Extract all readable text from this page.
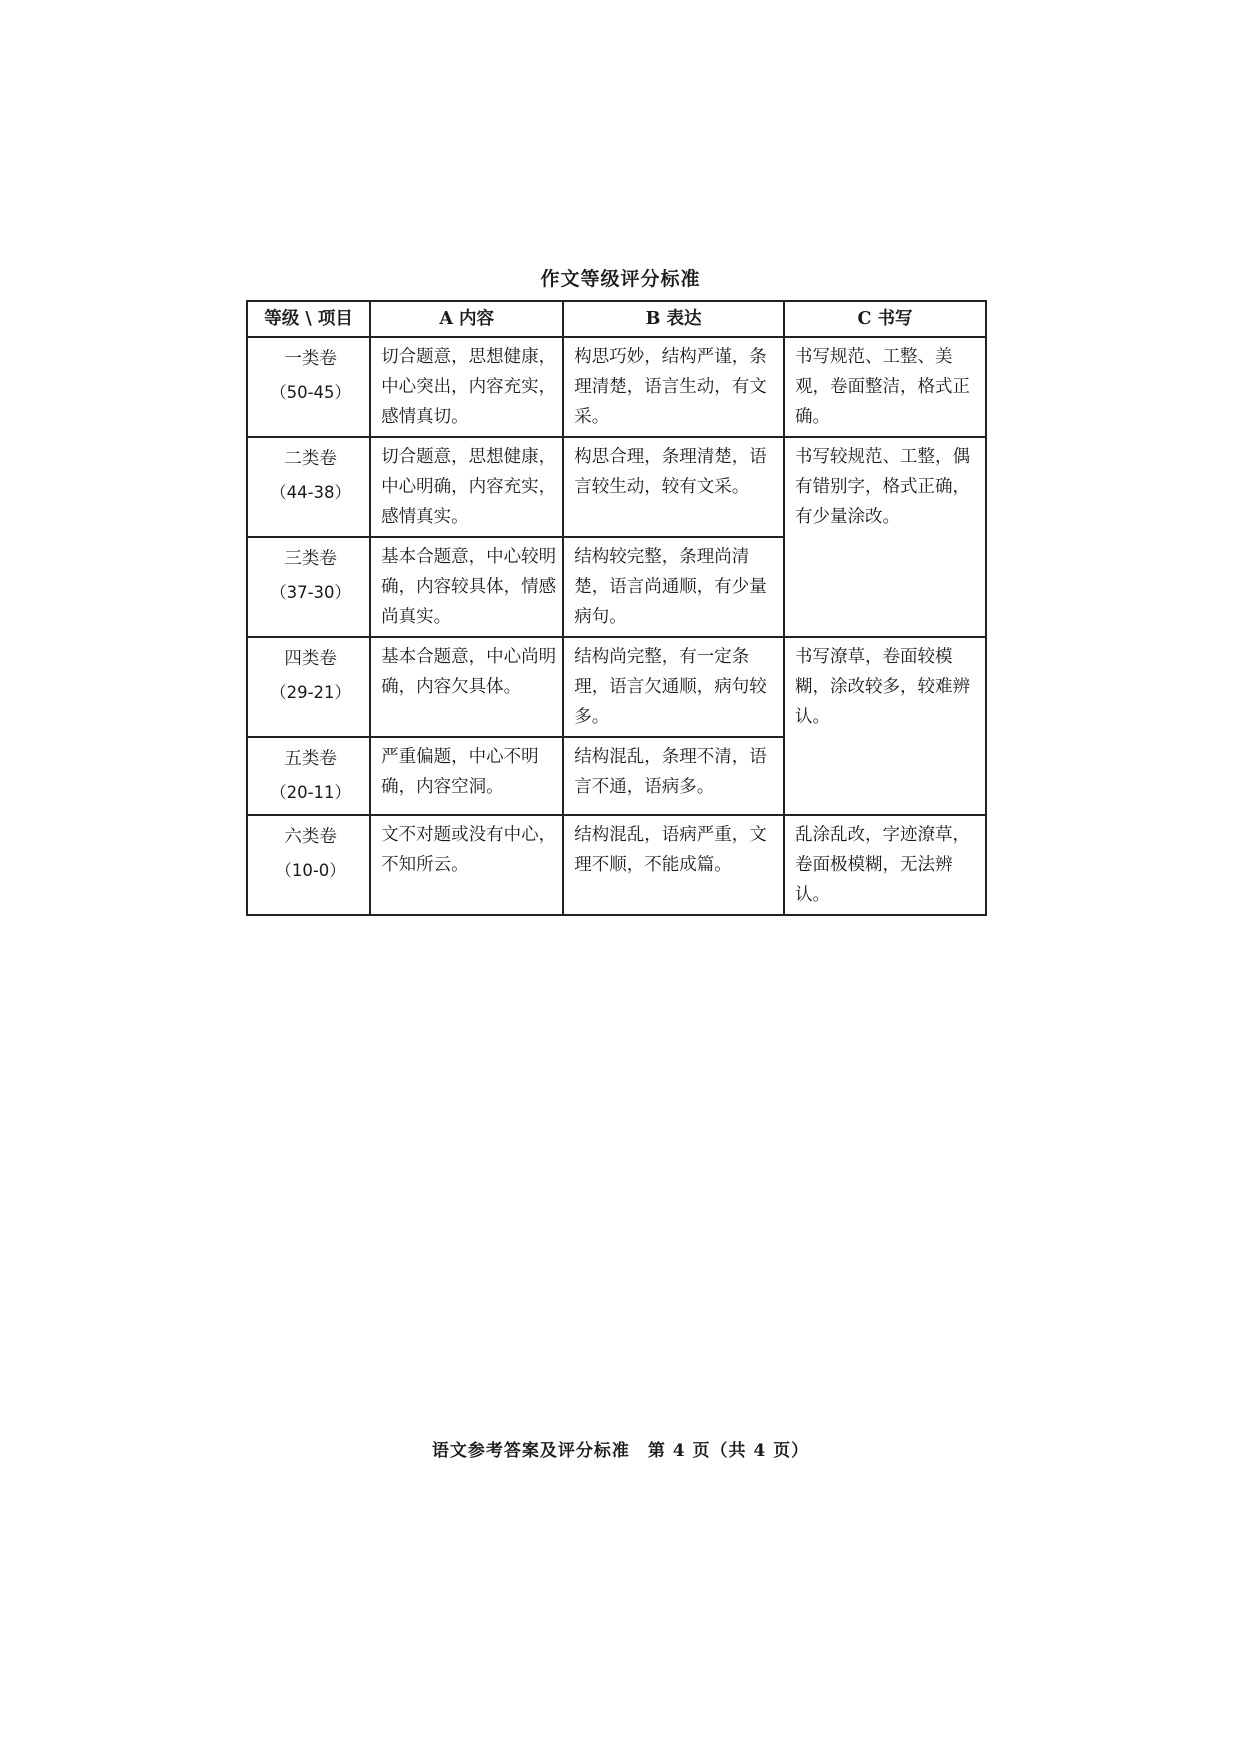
作文等级评分标准
等级 \ 项目	A 内容	B 表达	C 书写
一类卷
（50-45）	切合题意，思想健康，中心突出，内容充实，感情真切。	构思巧妙，结构严谨，条理清楚，语言生动，有文采。	书写规范、工整、美观，卷面整洁，格式正确。
二类卷
（44-38）	切合题意，思想健康，中心明确，内容充实，感情真实。	构思合理，条理清楚，语言较生动，较有文采。	书写较规范、工整，偶有错别字，格式正确，有少量涂改。
三类卷
（37-30）	基本合题意，中心较明确，内容较具体，情感尚真实。	结构较完整，条理尚清楚，语言尚通顺，有少量病句。	
四类卷
（29-21）	基本合题意，中心尚明确，内容欠具体。	结构尚完整，有一定条理，语言欠通顺，病句较多。	书写潦草，卷面较模糊，涂改较多，较难辨认。
五类卷
（20-11）	严重偏题，中心不明确，内容空洞。	结构混乱，条理不清，语言不通，语病多。	
六类卷
（10-0）	文不对题或没有中心，不知所云。	结构混乱，语病严重，文理不顺，不能成篇。	乱涂乱改，字迹潦草，卷面极模糊，无法辨认。
语文参考答案及评分标准　第 4 页（共 4 页）
